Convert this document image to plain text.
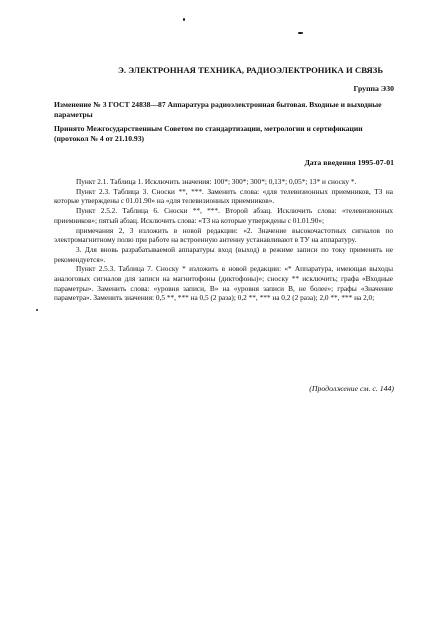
Э. ЭЛЕКТРОННАЯ ТЕХНИКА, РАДИОЭЛЕКТРОНИКА И СВЯЗЬ
Группа Э30
Изменение № 3 ГОСТ 24838—87 Аппаратура радиоэлектронная бытовая. Входные и выходные параметры
Принято Межгосударственным Советом по стандартизации, метрологии и сертификации (протокол № 4 от 21.10.93)
Дата введения 1995-07-01

Пункт 2.1. Таблица 1. Исключить значения: 100*; 300*; 300*; 0,13*; 0,05*; 13* и сноску *.

Пункт 2.3. Таблица 3. Сноски **, ***. Заменить слова: «для телевизионных приемников, ТЗ на которые утверждены с 01.01.90» на «для телевизионных приемников».

Пункт 2.5.2. Таблица 6. Сноски **, ***. Второй абзац. Исключить слова: «телевизионных приемников»; пятый абзац. Исключить слова: «ТЗ на которые утверждены с 01.01.90»;

примечания 2, 3 изложить в новой редакции: «2. Значение высокочастотных сигналов по электромагнитному полю при работе на встроенную антенну устанавливают в ТУ на аппаратуру.

3. Для вновь разрабатываемой аппаратуры вход (выход) в режиме записи по току применять не рекомендуется».

Пункт 2.5.3. Таблица 7. Сноску * изложить в новой редакции: «* Аппаратура, имеющая выходы аналоговых сигналов для записи на магнитофоны (диктофоны)»; сноску ** исключить; графа «Входные параметры». Заменить слова: «уровня записи, В» на «уровня записи В, не более»; графы «Значение параметра». Заменить значения: 0,5 **, *** на 0,5 (2 раза); 0,2 **, *** на 0,2 (2 раза); 2,0 **, *** на 2,0;

(Продолжение см. с. 144)
